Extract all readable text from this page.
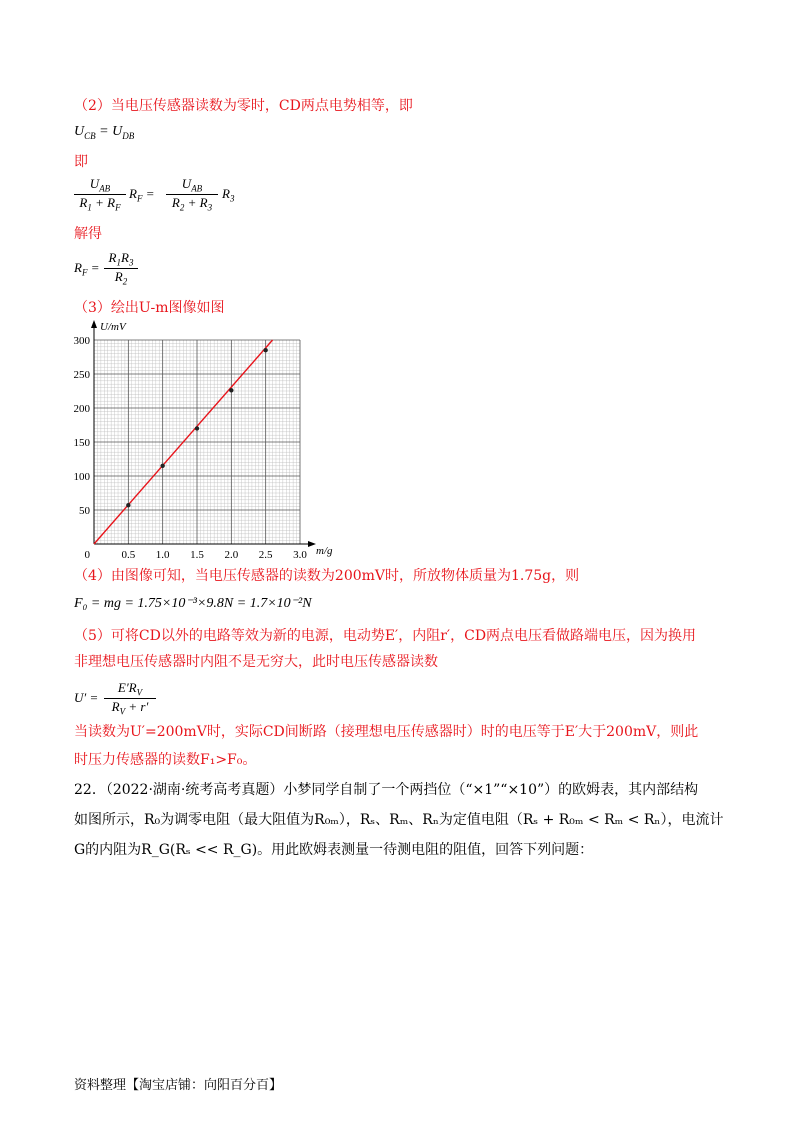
（2）当电压传感器读数为零时，CD两点电势相等，即
$U_{CB} = U_{DB}$
即
$U_{AB}$
$R_1 + R_F$
$R_F$ =
$U_{AB}$
$R_2 + R_3$
$R_3$
解得
$R_F = \frac{R_1R_3}{R_2}$
（3）绘出U-m图像如图
0.5 1.0 1.5 2.0 2.5 3.0
50
100
150
200
250
300
U/mV
m/g
0
（4）由图像可知，当电压传感器的读数为200mV时，所放物体质量为1.75g，则
F₀ = mg = 1.75×10⁻³×9.8N = 1.7×10⁻²N
（5）可将CD以外的电路等效为新的电源，电动势E′，内阻r′，CD两点电压看做路端电压，因为换用
非理想电压传感器时内阻不是无穷大，此时电压传感器读数
$U' = \frac{E'R_V}{R_V + r'}$
当读数为U′=200mV时，实际CD间断路（接理想电压传感器时）时的电压等于E′大于200mV，则此
时压力传感器的读数F₁>F₀。
22．（2022·湖南·统考高考真题）小梦同学自制了一个两挡位（“×1”“×10”）的欧姆表，其内部结构
如图所示，R₀为调零电阻（最大阻值为R₀ₘ），Rₛ、Rₘ、Rₙ为定值电阻（Rₛ + R₀ₘ < Rₘ < Rₙ），电流计
G的内阻为R_G(Rₛ << R_G)。用此欧姆表测量一待测电阻的阻值，回答下列问题：
资料整理【淘宝店铺：向阳百分百】
